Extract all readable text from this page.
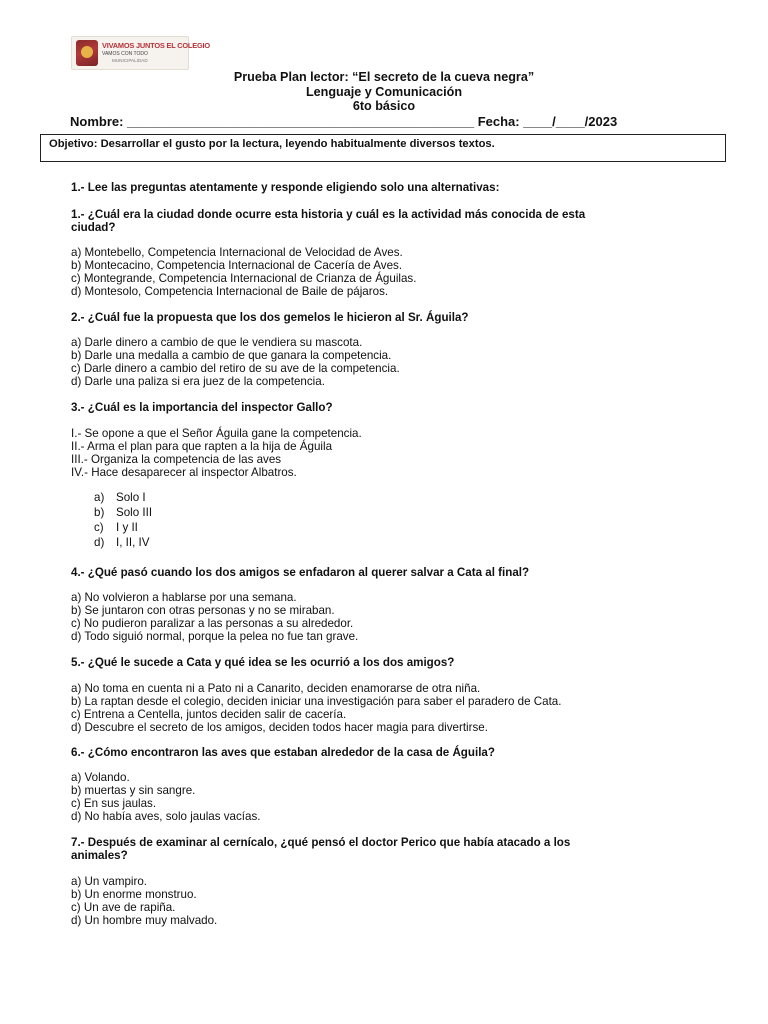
VIVAMOS JUNTOS EL COLEGIO
VAMOS CON TODO
MUNICIPALIDAD
Prueba Plan lector: “El secreto de la cueva negra”
Lenguaje y Comunicación
6to básico
Nombre: ________________________________________________ Fecha: ____/____/2023
Objetivo: Desarrollar el gusto por la lectura, leyendo habitualmente diversos textos.
1.- Lee las preguntas atentamente y responde eligiendo solo una alternativas:
1.- ¿Cuál era la ciudad donde ocurre esta historia y cuál es la actividad más conocida de esta
ciudad?
a) Montebello, Competencia Internacional de Velocidad de Aves.
b) Montecacino, Competencia Internacional de Cacería de Aves.
c) Montegrande, Competencia Internacional de Crianza de Águilas.
d) Montesolo, Competencia Internacional de Baile de pájaros.
2.- ¿Cuál fue la propuesta que los dos gemelos le hicieron al Sr. Águila?
a) Darle dinero a cambio de que le vendiera su mascota.
b) Darle una medalla a cambio de que ganara la competencia.
c) Darle dinero a cambio del retiro de su ave de la competencia.
d) Darle una paliza si era juez de la competencia.
3.- ¿Cuál es la importancia del inspector Gallo?
I.- Se opone a que el Señor Águila gane la competencia.
II.- Arma el plan para que rapten a la hija de Águila
III.- Organiza la competencia de las aves
IV.- Hace desaparecer al inspector Albatros.
a) Solo I
b) Solo III
c) I y II
d) I, II, IV
4.- ¿Qué pasó cuando los dos amigos se enfadaron al querer salvar a Cata al final?
a) No volvieron a hablarse por una semana.
b) Se juntaron con otras personas y no se miraban.
c) No pudieron paralizar a las personas a su alrededor.
d) Todo siguió normal, porque la pelea no fue tan grave.
5.- ¿Qué le sucede a Cata y qué idea se les ocurrió a los dos amigos?
a) No toma en cuenta ni a Pato ni a Canarito, deciden enamorarse de otra niña.
b) La raptan desde el colegio, deciden iniciar una investigación para saber el paradero de Cata.
c) Entrena a Centella, juntos deciden salir de cacería.
d) Descubre el secreto de los amigos, deciden todos hacer magia para divertirse.
6.- ¿Cómo encontraron las aves que estaban alrededor de la casa de Águila?
a) Volando.
b) muertas y sin sangre.
c) En sus jaulas.
d) No había aves, solo jaulas vacías.
7.- Después de examinar al cernícalo, ¿qué pensó el doctor Perico que había atacado a los
animales?
a) Un vampiro.
b) Un enorme monstruo.
c) Un ave de rapiña.
d) Un hombre muy malvado.
